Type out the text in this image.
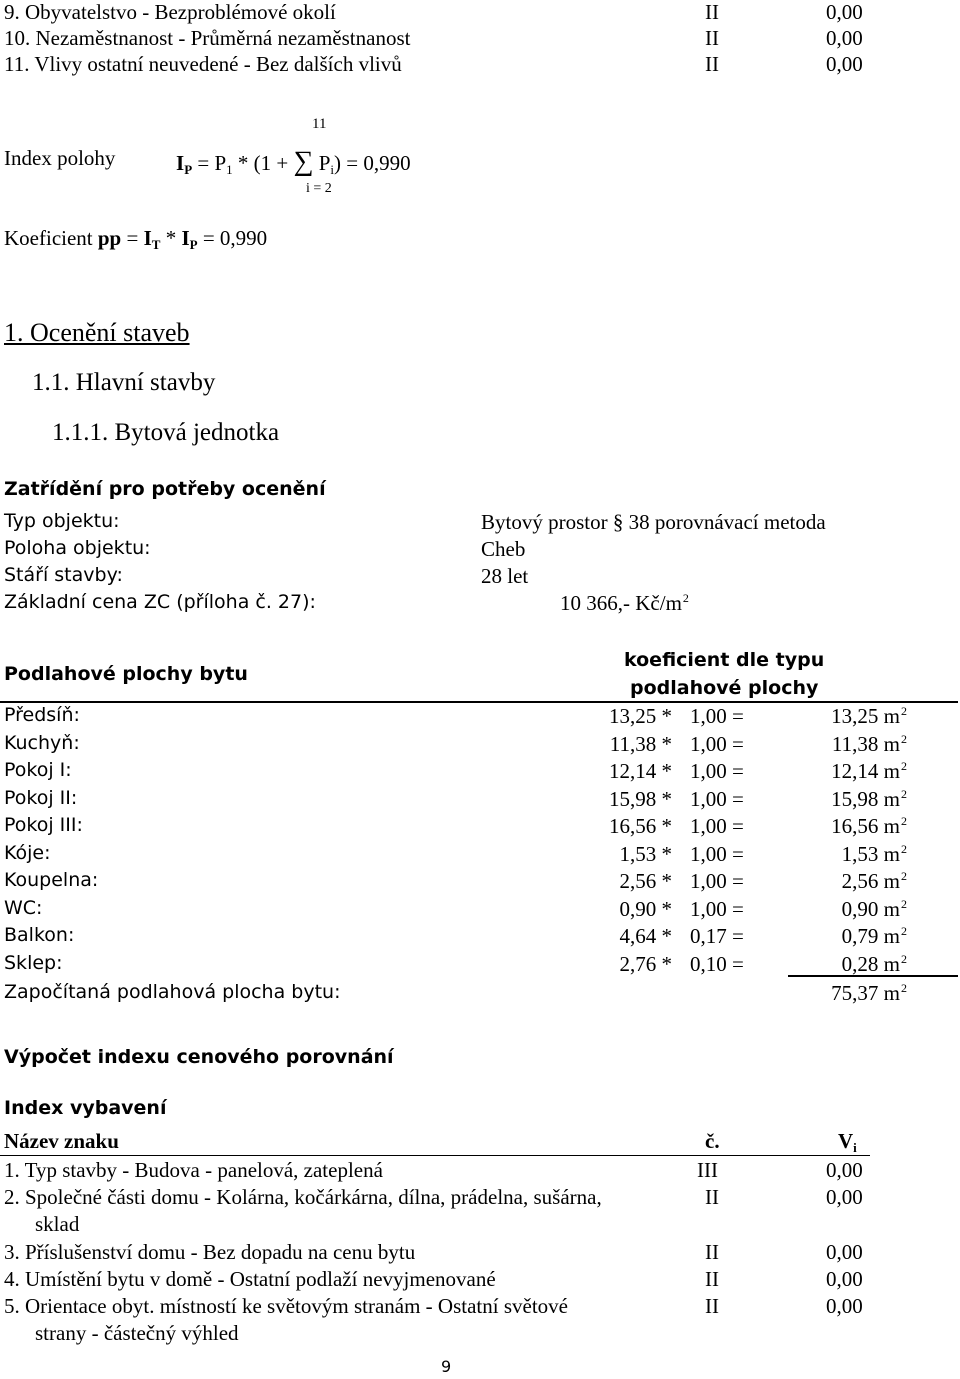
9. Obyvatelstvo - Bezproblémové okolí	II	0,00
10. Nezaměstnanost - Průměrná nezaměstnanost	II	0,00
11. Vlivy ostatní neuvedené - Bez dalších vlivů	II	0,00
11
Index polohy	$I_P = P_1 * (1$ + ∑ $P_i) = 0,990$
i = 2
Koeficient pp = $I_T * I_P = 0,990$
1. Ocenění staveb
1.1. Hlavní stavby
1.1.1. Bytová jednotka
Zatřídění pro potřeby ocenění
Typ objektu:	Bytový prostor § 38 porovnávací metoda
Poloha objektu:	Cheb
Stáří stavby:	28 let
Základní cena ZC (příloha č. 27):	10 366,- $Kč/m^2$
Podlahové plochy bytu
koeficient dle typu
podlahové plochy
Předsíň:	13,25 * 1,00 =	13,25 $m^2$
Kuchyň:	11,38 * 1,00 =	11,38 $m^2$
Pokoj I:	12,14 * 1,00 =	12,14 $m^2$
Pokoj II:	15,98 * 1,00 =	15,98 $m^2$
Pokoj III:	16,56 * 1,00 =	16,56 $m^2$
Kóje:	1,53 * 1,00 =	1,53 $m^2$
Koupelna:	2,56 * 1,00 =	2,56 $m^2$
WC:	0,90 * 1,00 =	0,90 $m^2$
Balkon:	4,64 * 0,17 =	0,79 $m^2$
Sklep:	2,76 * 0,10 =	0,28 $m^2$
Započítaná podlahová plocha bytu:	75,37 $m^2$
Výpočet indexu cenového porovnání
Index vybavení
Název znaku	č.	$V_i$
1. Typ stavby - Budova - panelová, zateplená	III	0,00
2. Společné části domu - Kolárna, kočárkárna, dílna, prádelna, sušárna,	II	0,00
sklad
3. Příslušenství domu - Bez dopadu na cenu bytu	II	0,00
4. Umístění bytu v domě - Ostatní podlaží nevyjmenované	II	0,00
5. Orientace obyt. místností ke světovým stranám - Ostatní světové	II	0,00
strany - částečný výhled
9
